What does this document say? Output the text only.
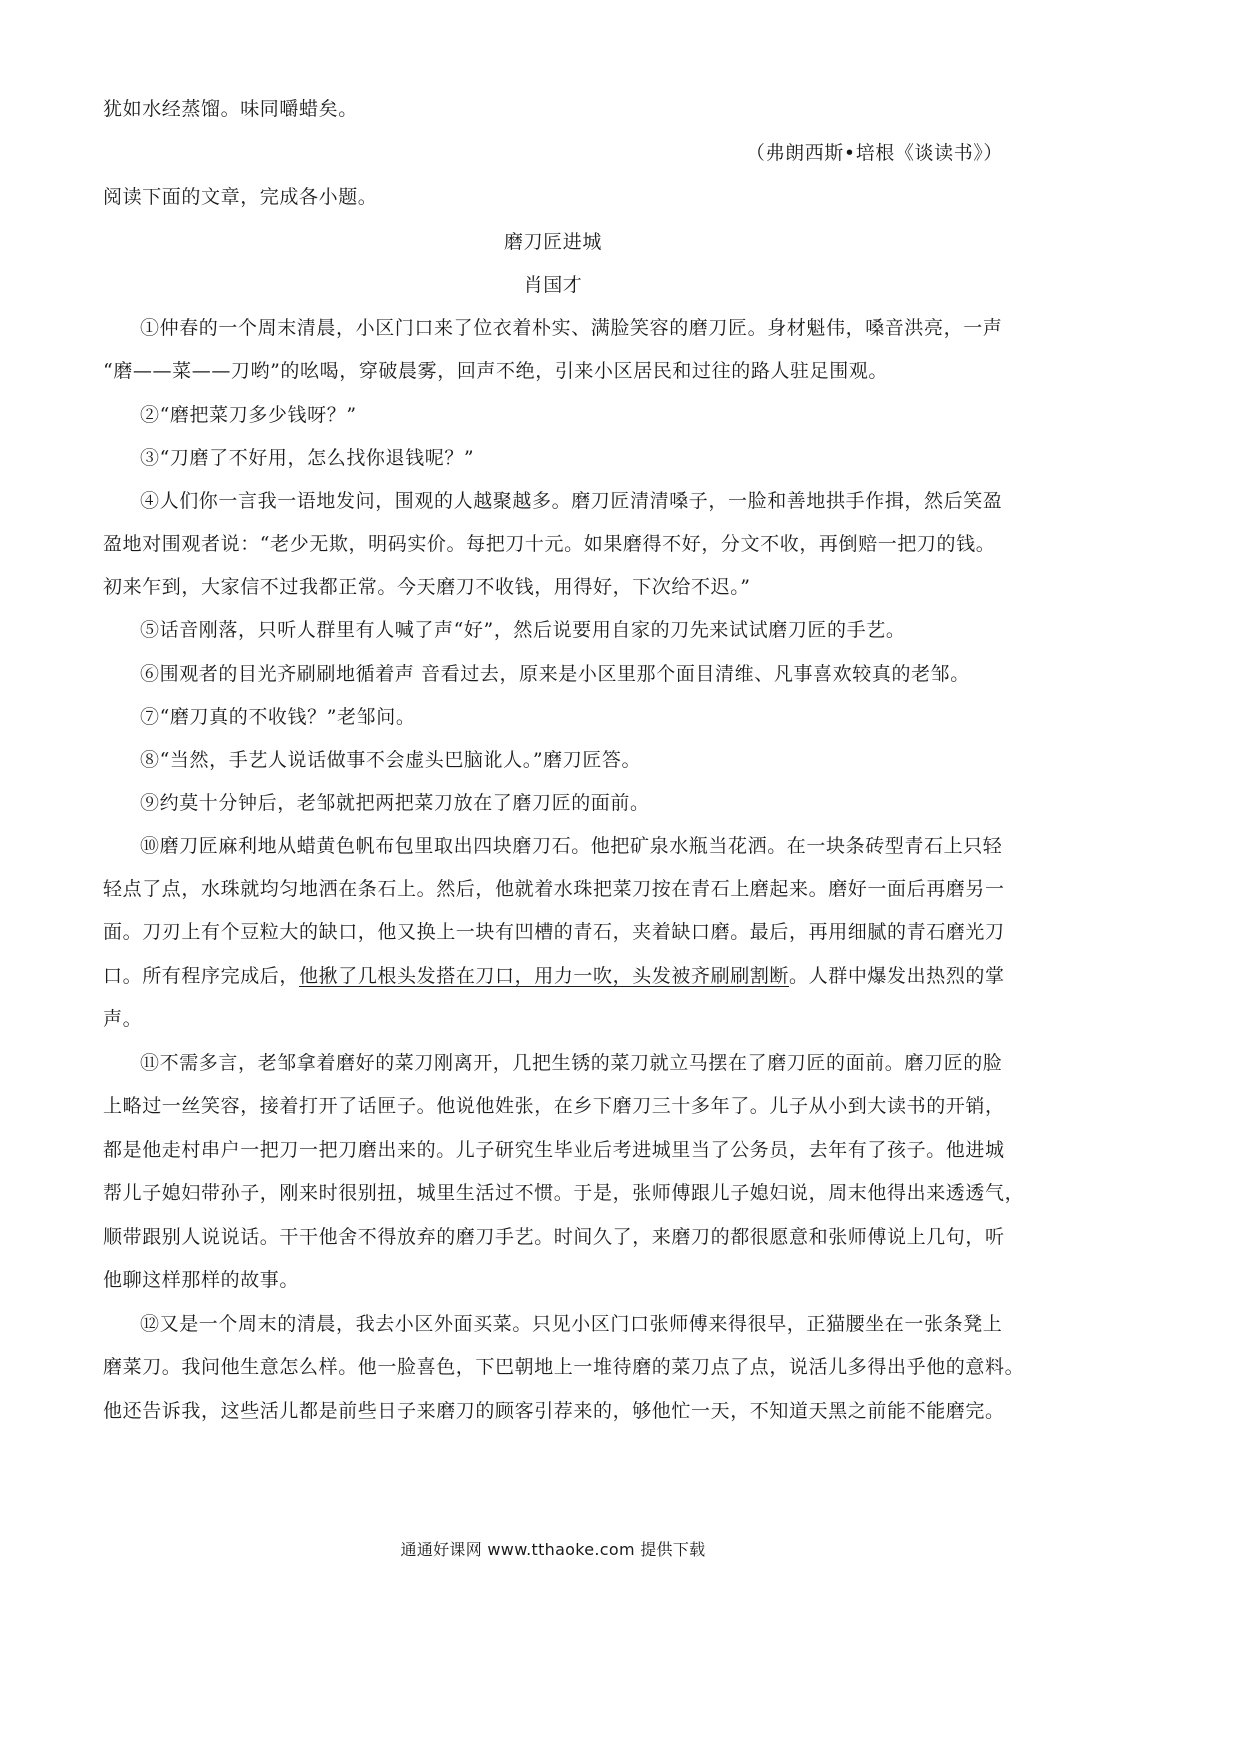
犹如水经蒸馏。味同嚼蜡矣。

（弗朗西斯•培根《谈读书》）

阅读下面的文章，完成各小题。

磨刀匠进城

肖国才

①仲春的一个周末清晨，小区门口来了位衣着朴实、满脸笑容的磨刀匠。身材魁伟，嗓音洪亮，一声

“磨——菜——刀哟”的吆喝，穿破晨雾，回声不绝，引来小区居民和过往的路人驻足围观。

②“磨把菜刀多少钱呀？”

③“刀磨了不好用，怎么找你退钱呢？”

④人们你一言我一语地发问，围观的人越聚越多。磨刀匠清清嗓子，一脸和善地拱手作揖，然后笑盈

盈地对围观者说：“老少无欺，明码实价。每把刀十元。如果磨得不好，分文不收，再倒赔一把刀的钱。

初来乍到，大家信不过我都正常。今天磨刀不收钱，用得好，下次给不迟。”

⑤话音刚落，只听人群里有人喊了声“好”，然后说要用自家的刀先来试试磨刀匠的手艺。

⑥围观者的目光齐刷刷地循着声 音看过去，原来是小区里那个面目清维、凡事喜欢较真的老邹。

⑦“磨刀真的不收钱？”老邹问。

⑧“当然，手艺人说话做事不会虚头巴脑讹人。”磨刀匠答。

⑨约莫十分钟后，老邹就把两把菜刀放在了磨刀匠的面前。

⑩磨刀匠麻利地从蜡黄色帆布包里取出四块磨刀石。他把矿泉水瓶当花洒。在一块条砖型青石上只轻

轻点了点，水珠就均匀地洒在条石上。然后，他就着水珠把菜刀按在青石上磨起来。磨好一面后再磨另一

面。刀刃上有个豆粒大的缺口，他又换上一块有凹槽的青石，夹着缺口磨。最后，再用细腻的青石磨光刀

口。所有程序完成后，他揪了几根头发搭在刀口，用力一吹，头发被齐刷刷割断。人群中爆发出热烈的掌

声。

⑪不需多言，老邹拿着磨好的菜刀刚离开，几把生锈的菜刀就立马摆在了磨刀匠的面前。磨刀匠的脸

上略过一丝笑容，接着打开了话匣子。他说他姓张，在乡下磨刀三十多年了。儿子从小到大读书的开销，

都是他走村串户一把刀一把刀磨出来的。儿子研究生毕业后考进城里当了公务员，去年有了孩子。他进城

帮儿子媳妇带孙子，刚来时很别扭，城里生活过不惯。于是，张师傅跟儿子媳妇说，周末他得出来透透气，

顺带跟别人说说话。干干他舍不得放弃的磨刀手艺。时间久了，来磨刀的都很愿意和张师傅说上几句，听

他聊这样那样的故事。

⑫又是一个周末的清晨，我去小区外面买菜。只见小区门口张师傅来得很早，正猫腰坐在一张条凳上

磨菜刀。我问他生意怎么样。他一脸喜色，下巴朝地上一堆待磨的菜刀点了点，说活儿多得出乎他的意料。

他还告诉我，这些活儿都是前些日子来磨刀的顾客引荐来的，够他忙一天，不知道天黑之前能不能磨完。

通通好课网 www.tthaoke.com 提供下载
